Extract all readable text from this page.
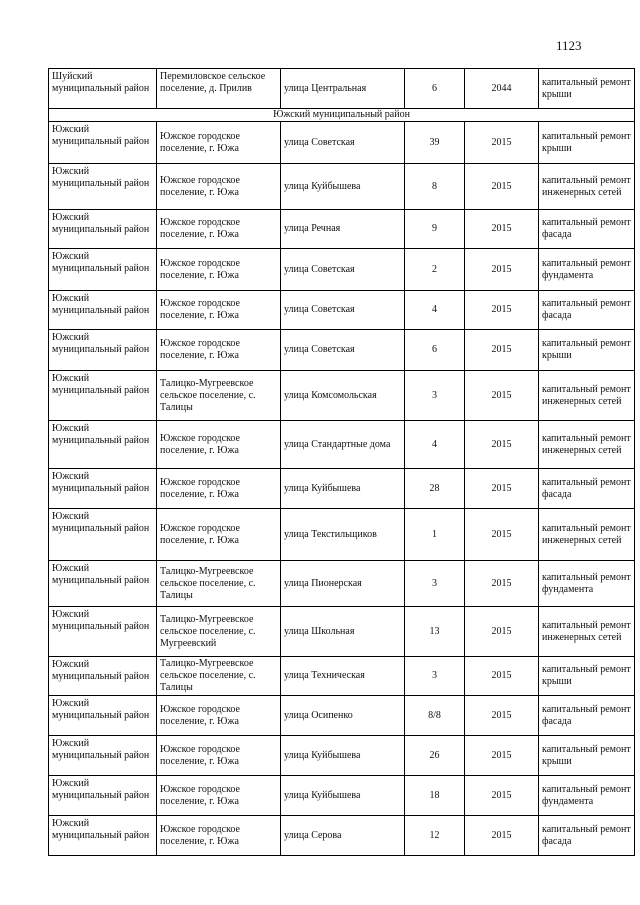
1123
Шуйский муниципальный район	Перемиловское сельское поселение, д. Прилив	улица Центральная	6	2044	капитальный ремонт крыши
Южский муниципальный район					
Южский муниципальный район	Южское городское поселение, г. Южа	улица Советская	39	2015	капитальный ремонт крыши
Южский муниципальный район	Южское городское поселение, г. Южа	улица Куйбышева	8	2015	капитальный ремонт инженерных сетей
Южский муниципальный район	Южское городское поселение, г. Южа	улица Речная	9	2015	капитальный ремонт фасада
Южский муниципальный район	Южское городское поселение, г. Южа	улица Советская	2	2015	капитальный ремонт фундамента
Южский муниципальный район	Южское городское поселение, г. Южа	улица Советская	4	2015	капитальный ремонт фасада
Южский муниципальный район	Южское городское поселение, г. Южа	улица Советская	6	2015	капитальный ремонт крыши
Южский муниципальный район	Талицко-Мугреевское сельское поселение, с. Талицы	улица Комсомольская	3	2015	капитальный ремонт инженерных сетей
Южский муниципальный район	Южское городское поселение, г. Южа	улица Стандартные дома	4	2015	капитальный ремонт инженерных сетей
Южский муниципальный район	Южское городское поселение, г. Южа	улица Куйбышева	28	2015	капитальный ремонт фасада
Южский муниципальный район	Южское городское поселение, г. Южа	улица Текстильщиков	1	2015	капитальный ремонт инженерных сетей
Южский муниципальный район	Талицко-Мугреевское сельское поселение, с. Талицы	улица Пионерская	3	2015	капитальный ремонт фундамента
Южский муниципальный район	Талицко-Мугреевское сельское поселение, с. Мугреевский	улица Школьная	13	2015	капитальный ремонт инженерных сетей
Южский муниципальный район	Талицко-Мугреевское сельское поселение, с. Талицы	улица Техническая	3	2015	капитальный ремонт крыши
Южский муниципальный район	Южское городское поселение, г. Южа	улица Осипенко	8/8	2015	капитальный ремонт фасада
Южский муниципальный район	Южское городское поселение, г. Южа	улица Куйбышева	26	2015	капитальный ремонт крыши
Южский муниципальный район	Южское городское поселение, г. Южа	улица Куйбышева	18	2015	капитальный ремонт фундамента
Южский муниципальный район	Южское городское поселение, г. Южа	улица Серова	12	2015	капитальный ремонт фасада
